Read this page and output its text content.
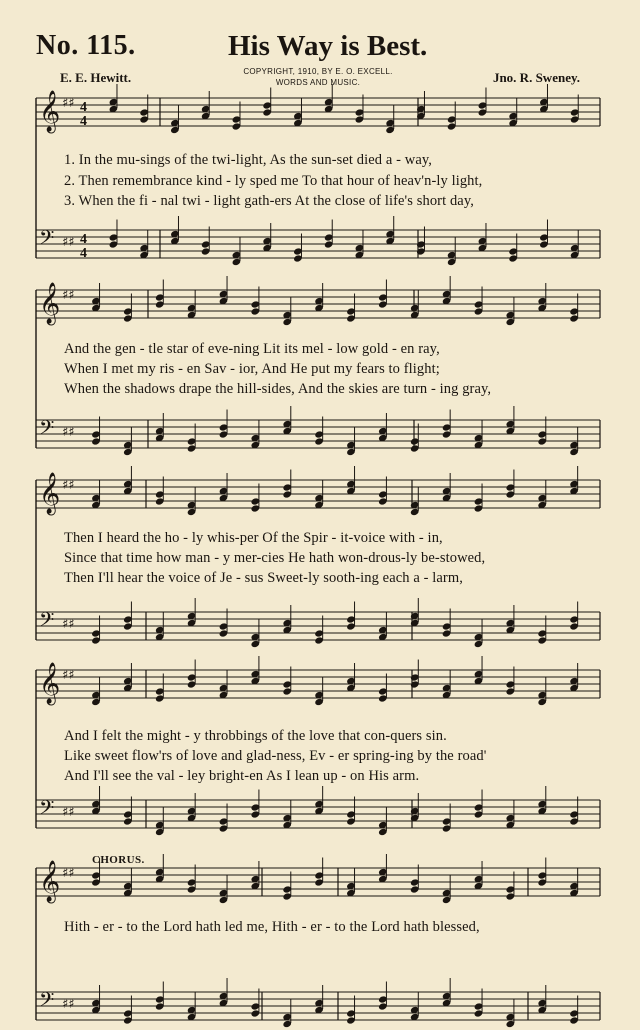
No. 115.	His Way is Best.
E. E. Hewitt.	COPYRIGHT, 1910, BY E. O. EXCELL.
WORDS AND MUSIC.	Jno. R. Sweney.
𝄞 ♯♯ 4
4
𝄢 ♯♯ 4
4
𝄞 ♯♯
𝄢 ♯♯
𝄞 ♯♯
𝄢 ♯♯
𝄞 ♯♯
𝄢 ♯♯
𝄞 ♯♯
𝄢 ♯♯
1. In the mu-sings of the twi-light, As the sun-set died a - way,
2. Then remembrance kind - ly sped me To that hour of heav'n-ly light,
3. When the fi - nal twi - light gath-ers At the close of life's short day,
And the gen - tle star of eve-ning Lit its mel - low gold - en ray,
When I met my ris - en Sav - ior, And He put my fears to flight;
When the shadows drape the hill-sides, And the skies are turn - ing gray,
Then I heard the ho - ly whis-per Of the Spir - it-voice with - in,
Since that time how man - y mer-cies He hath won-drous-ly be-stowed,
Then I'll hear the voice of Je - sus Sweet-ly sooth-ing each a - larm,
And I felt the might - y throbbings of the love that con-quers sin.
Like sweet flow'rs of love and glad-ness, Ev - er spring-ing by the road'
And I'll see the val - ley bright-en As I lean up - on His arm.
CHORUS.
Hith - er - to the Lord hath led me, Hith - er - to the Lord hath blessed,
